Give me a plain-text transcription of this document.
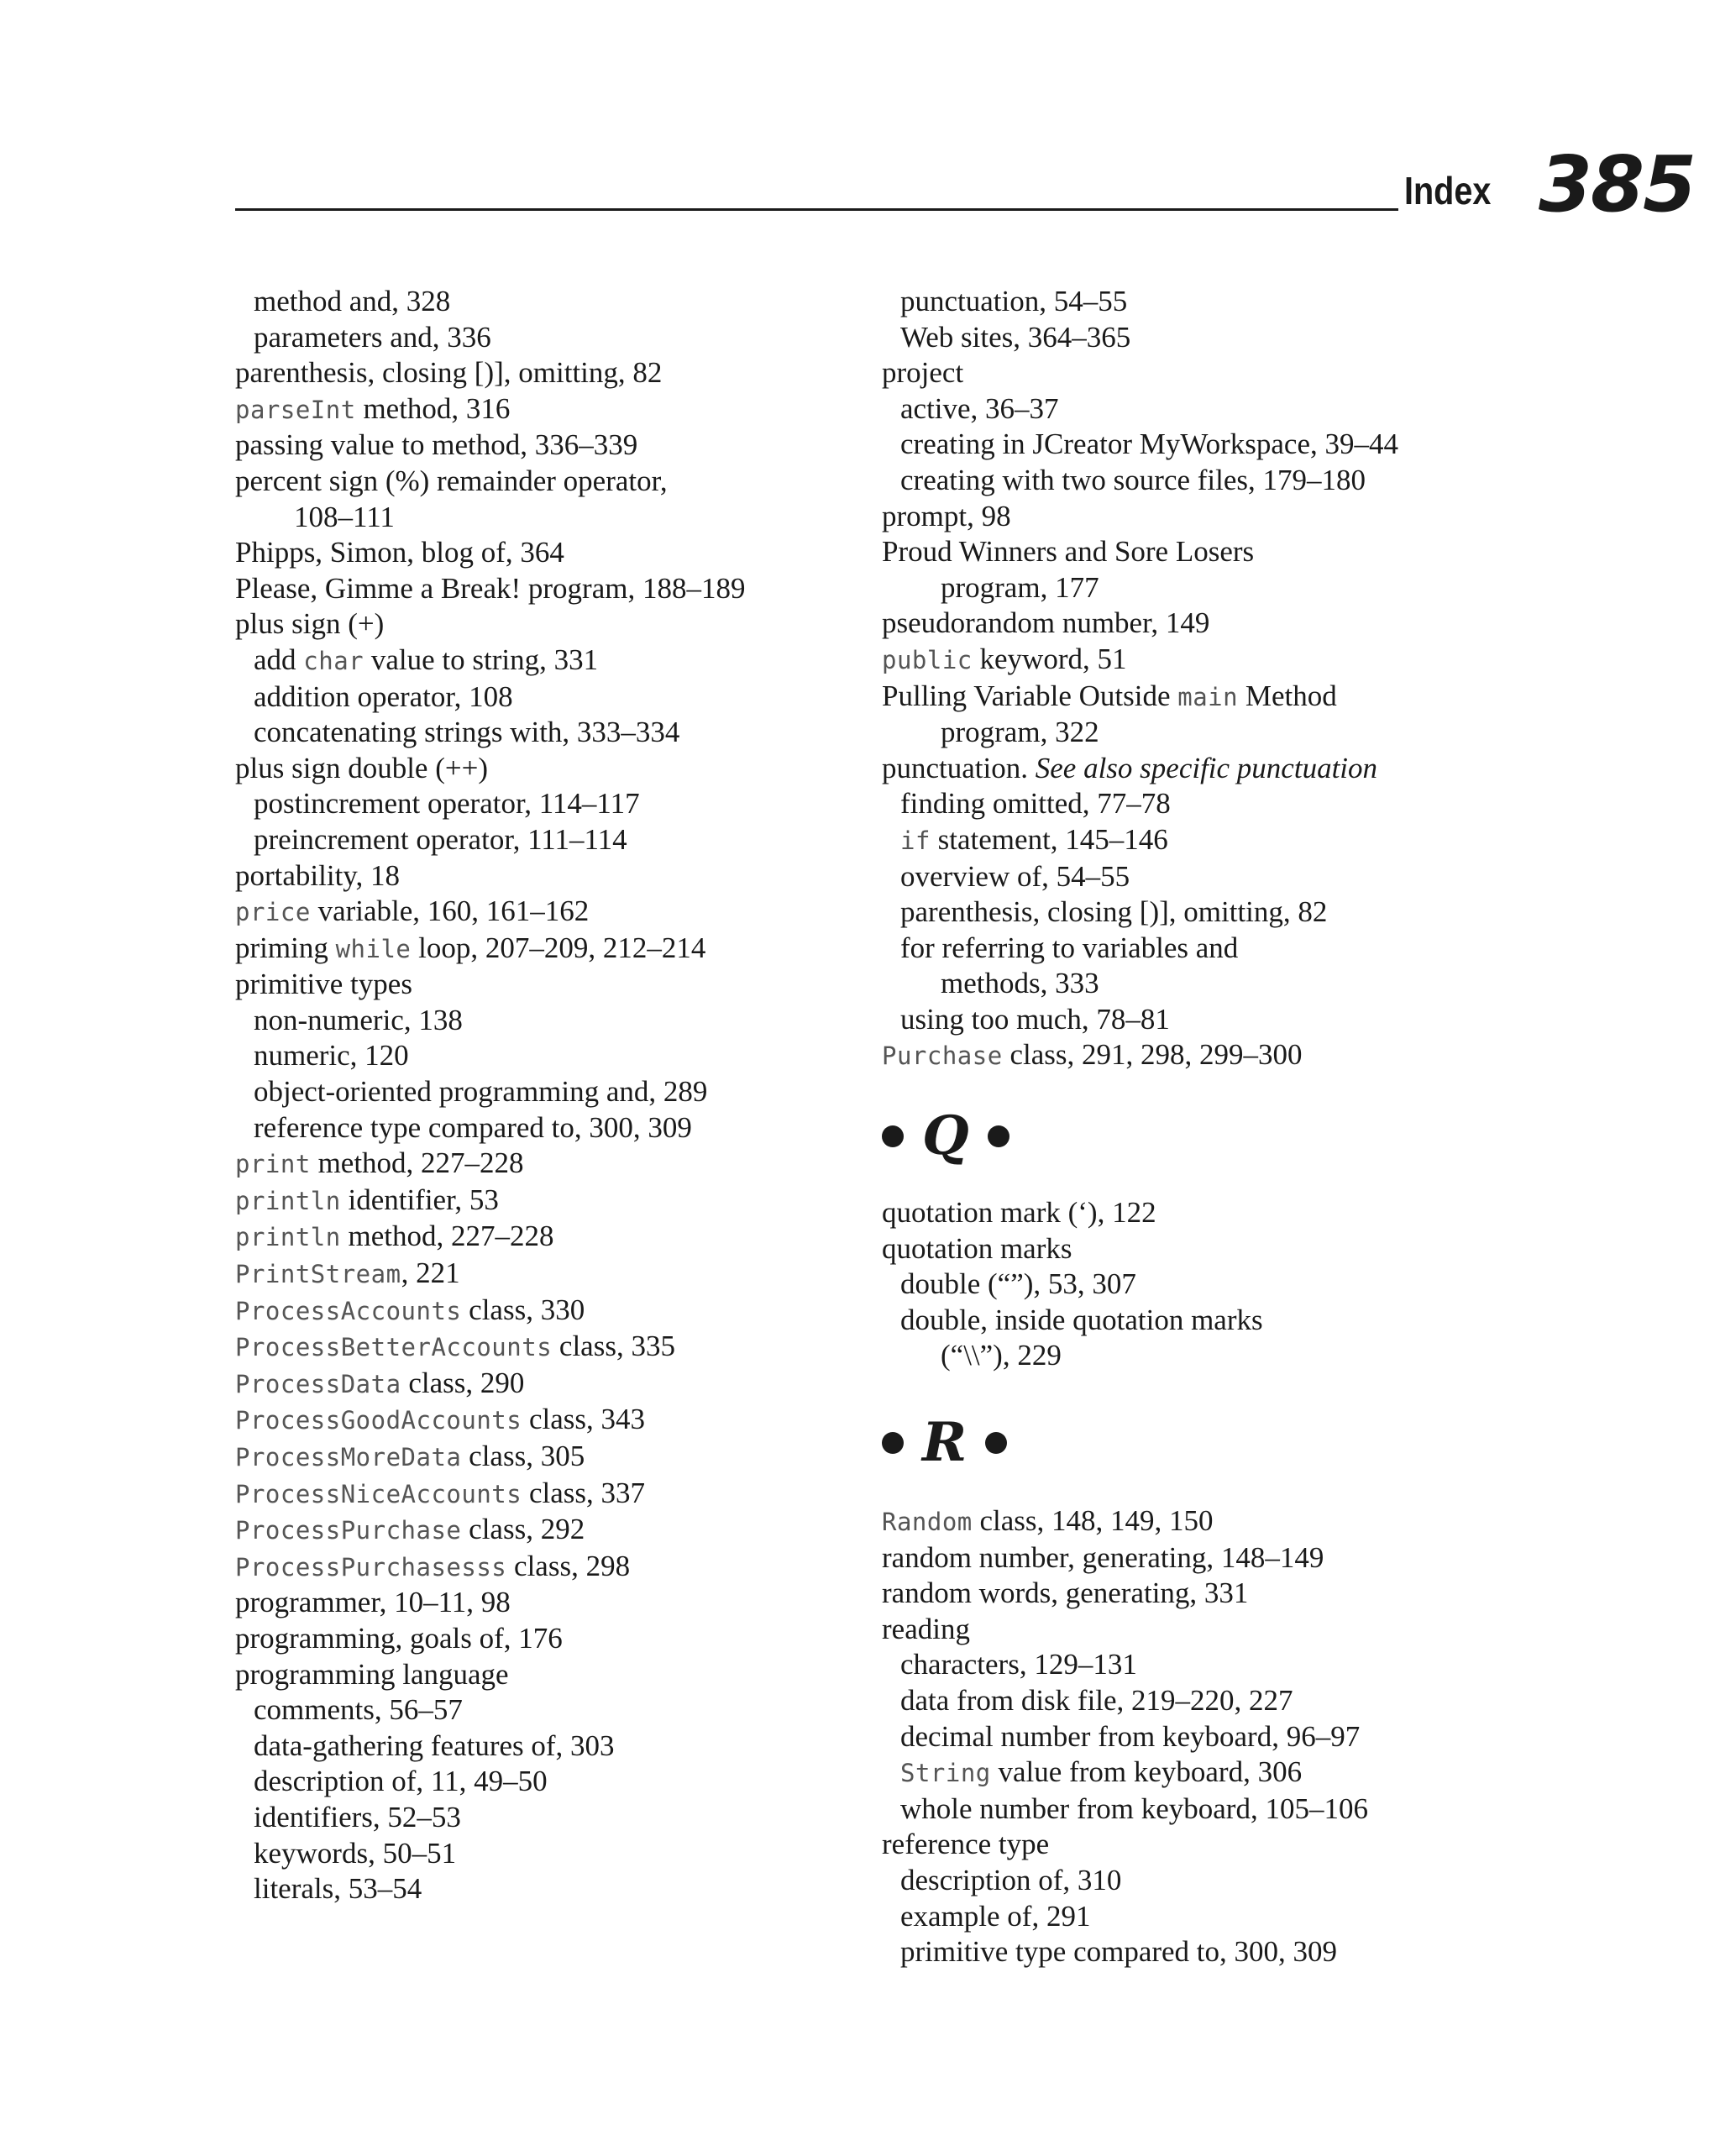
Index 385
method and, 328
parameters and, 336
parenthesis, closing [)], omitting, 82
parseInt method, 316
passing value to method, 336–339
percent sign (%) remainder operator,
108–111
Phipps, Simon, blog of, 364
Please, Gimme a Break! program, 188–189
plus sign (+)
add char value to string, 331
addition operator, 108
concatenating strings with, 333–334
plus sign double (++)
postincrement operator, 114–117
preincrement operator, 111–114
portability, 18
price variable, 160, 161–162
priming while loop, 207–209, 212–214
primitive types
non-numeric, 138
numeric, 120
object-oriented programming and, 289
reference type compared to, 300, 309
print method, 227–228
println identifier, 53
println method, 227–228
PrintStream, 221
ProcessAccounts class, 330
ProcessBetterAccounts class, 335
ProcessData class, 290
ProcessGoodAccounts class, 343
ProcessMoreData class, 305
ProcessNiceAccounts class, 337
ProcessPurchase class, 292
ProcessPurchasesss class, 298
programmer, 10–11, 98
programming, goals of, 176
programming language
comments, 56–57
data-gathering features of, 303
description of, 11, 49–50
identifiers, 52–53
keywords, 50–51
literals, 53–54
punctuation, 54–55
Web sites, 364–365
project
active, 36–37
creating in JCreator MyWorkspace, 39–44
creating with two source files, 179–180
prompt, 98
Proud Winners and Sore Losers
program, 177
pseudorandom number, 149
public keyword, 51
Pulling Variable Outside main Method
program, 322
punctuation. See also specific punctuation
finding omitted, 77–78
if statement, 145–146
overview of, 54–55
parenthesis, closing [)], omitting, 82
for referring to variables and
methods, 333
using too much, 78–81
Purchase class, 291, 298, 299–300
Q
quotation mark (‘), 122
quotation marks
double (“”), 53, 307
double, inside quotation marks
(“\\”), 229
R
Random class, 148, 149, 150
random number, generating, 148–149
random words, generating, 331
reading
characters, 129–131
data from disk file, 219–220, 227
decimal number from keyboard, 96–97
String value from keyboard, 306
whole number from keyboard, 105–106
reference type
description of, 310
example of, 291
primitive type compared to, 300, 309
